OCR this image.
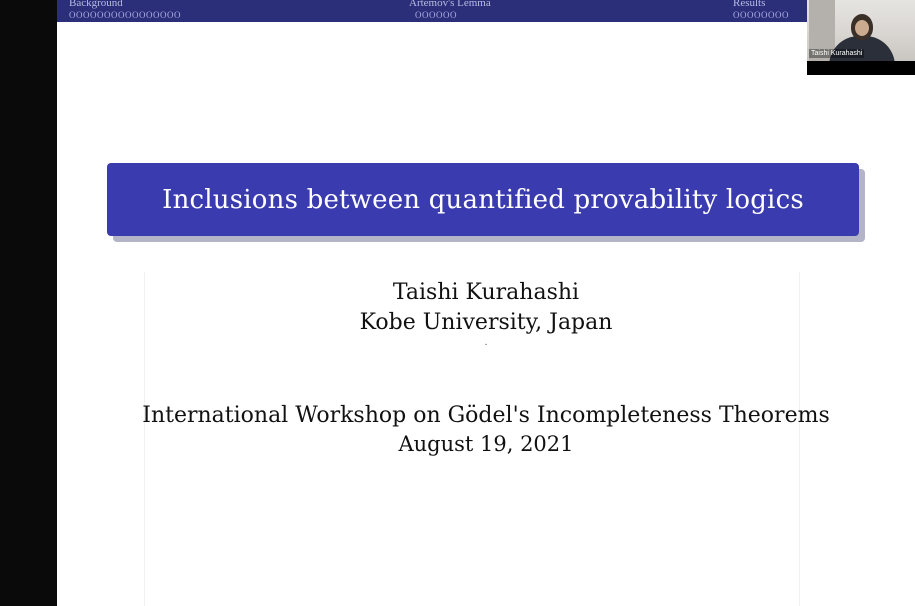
Background
OOOOOOOOOOOOOOOO
Artemov's Lemma
OOOOOO
Results
OOOOOOOO
Inclusions between quantified provability logics
Taishi Kurahashi
Kobe University, Japan
·
International Workshop on Gödel's Incompleteness Theorems
August 19, 2021
Taishi Kurahashi
